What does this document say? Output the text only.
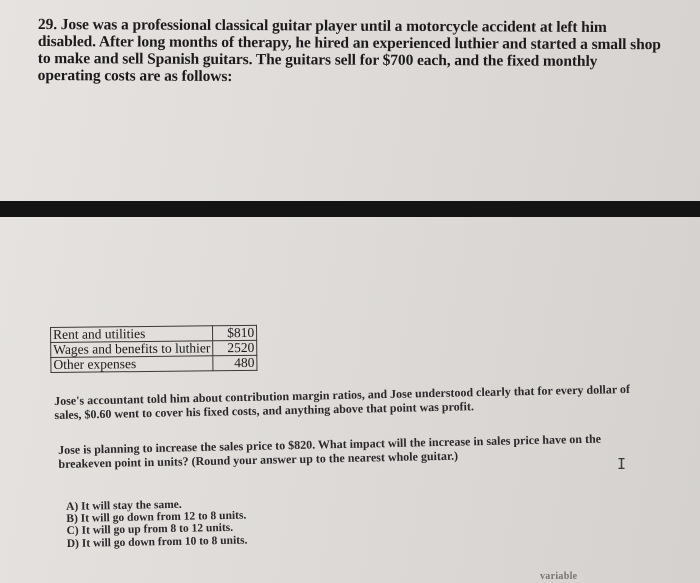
29. Jose was a professional classical guitar player until a motorcycle accident at left him disabled. After long months of therapy, he hired an experienced luthier and started a small shop to make and sell Spanish guitars. The guitars sell for $700 each, and the fixed monthly operating costs are as follows:
Rent and utilities	$810
Wages and benefits to luthier	2520
Other expenses	480
Jose's accountant told him about contribution margin ratios, and Jose understood clearly that for every dollar of sales, $0.60 went to cover his fixed costs, and anything above that point was profit.
Jose is planning to increase the sales price to $820. What impact will the increase in sales price have on the breakeven point in units? (Round your answer up to the nearest whole guitar.)
A) It will stay the same.
B) It will go down from 12 to 8 units.
C) It will go up from 8 to 12 units.
D) It will go down from 10 to 8 units.
I
variable
